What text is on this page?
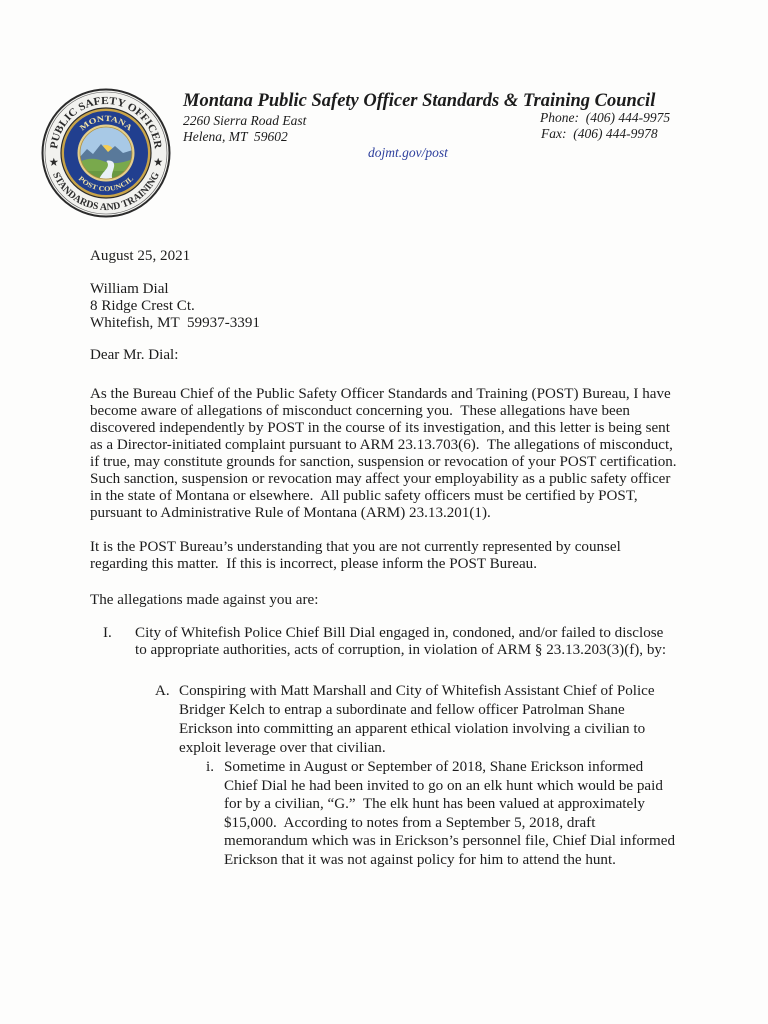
PUBLIC SAFETY OFFICER
STANDARDS AND TRAINING
MONTANA
POST COUNCIL
Montana Public Safety Officer Standards & Training Council
2260 Sierra Road East
Helena, MT  59602
Phone:  (406) 444-9975
Fax:  (406) 444-9978
dojmt.gov/post
August 25, 2021
William Dial
8 Ridge Crest Ct.
Whitefish, MT  59937-3391
Dear Mr. Dial:
As the Bureau Chief of the Public Safety Officer Standards and Training (POST) Bureau, I have
become aware of allegations of misconduct concerning you.  These allegations have been
discovered independently by POST in the course of its investigation, and this letter is being sent
as a Director-initiated complaint pursuant to ARM 23.13.703(6).  The allegations of misconduct,
if true, may constitute grounds for sanction, suspension or revocation of your POST certification.
Such sanction, suspension or revocation may affect your employability as a public safety officer
in the state of Montana or elsewhere.  All public safety officers must be certified by POST,
pursuant to Administrative Rule of Montana (ARM) 23.13.201(1).
It is the POST Bureau’s understanding that you are not currently represented by counsel
regarding this matter.  If this is incorrect, please inform the POST Bureau.
The allegations made against you are:
I. City of Whitefish Police Chief Bill Dial engaged in, condoned, and/or failed to disclose
to appropriate authorities, acts of corruption, in violation of ARM § 23.13.203(3)(f), by:
A. Conspiring with Matt Marshall and City of Whitefish Assistant Chief of Police
Bridger Kelch to entrap a subordinate and fellow officer Patrolman Shane
Erickson into committing an apparent ethical violation involving a civilian to
exploit leverage over that civilian.
i. Sometime in August or September of 2018, Shane Erickson informed
Chief Dial he had been invited to go on an elk hunt which would be paid
for by a civilian, “G.”  The elk hunt has been valued at approximately
$15,000.  According to notes from a September 5, 2018, draft
memorandum which was in Erickson’s personnel file, Chief Dial informed
Erickson that it was not against policy for him to attend the hunt.
